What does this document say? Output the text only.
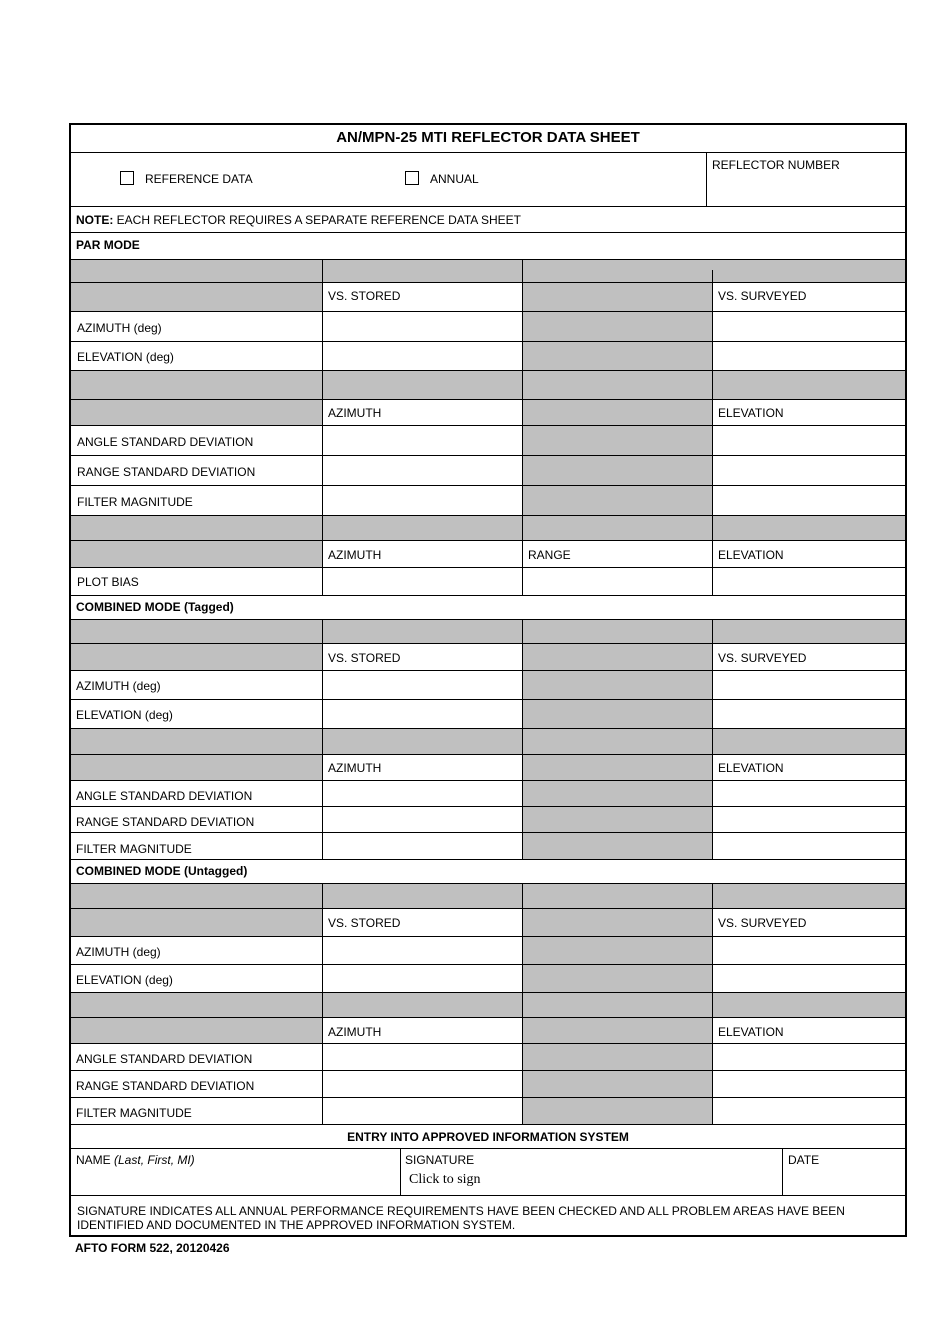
AN/MPN-25 MTI REFLECTOR DATA SHEET
REFERENCE DATA	ANNUAL
REFLECTOR NUMBER
NOTE: EACH REFLECTOR REQUIRES A SEPARATE REFERENCE DATA SHEET
PAR MODE
VS. STORED	VS. SURVEYED
AZIMUTH (deg)
ELEVATION (deg)
AZIMUTH	ELEVATION
ANGLE STANDARD DEVIATION
RANGE STANDARD DEVIATION
FILTER MAGNITUDE
AZIMUTH	RANGE	ELEVATION
PLOT BIAS
COMBINED MODE (Tagged)
VS. STORED	VS. SURVEYED
AZIMUTH (deg)
ELEVATION (deg)
AZIMUTH	ELEVATION
ANGLE STANDARD DEVIATION
RANGE STANDARD DEVIATION
FILTER MAGNITUDE
COMBINED MODE (Untagged)
VS. STORED	VS. SURVEYED
AZIMUTH (deg)
ELEVATION (deg)
AZIMUTH	ELEVATION
ANGLE STANDARD DEVIATION
RANGE STANDARD DEVIATION
FILTER MAGNITUDE
ENTRY INTO APPROVED INFORMATION SYSTEM
NAME (Last, First, MI)	SIGNATURE
Click to sign
DATE
SIGNATURE INDICATES ALL ANNUAL PERFORMANCE REQUIREMENTS HAVE BEEN CHECKED AND ALL PROBLEM AREAS HAVE BEEN IDENTIFIED AND DOCUMENTED IN THE APPROVED INFORMATION SYSTEM.
AFTO FORM 522, 20120426
